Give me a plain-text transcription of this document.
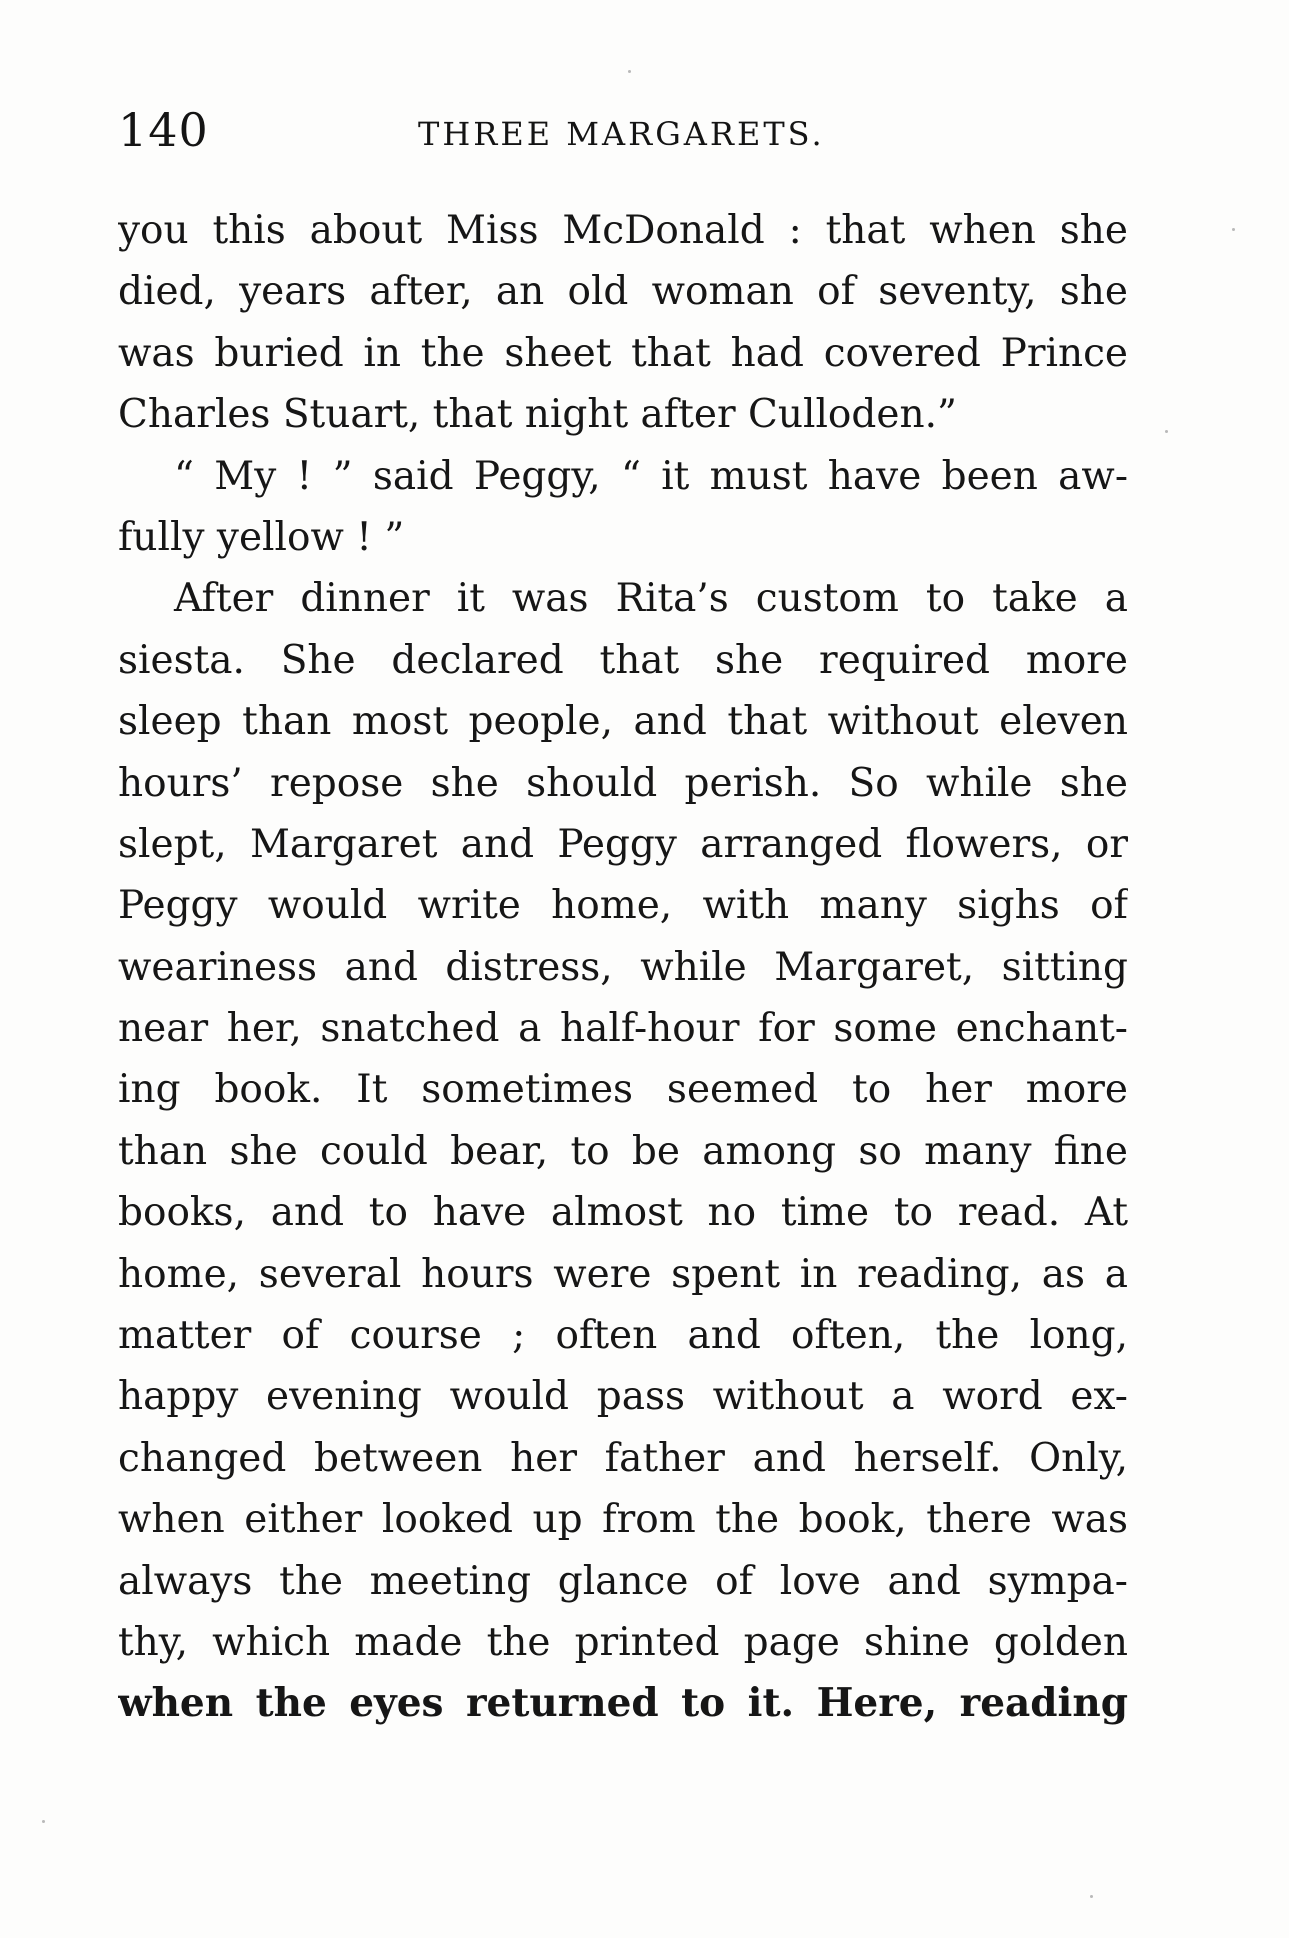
140	THREE MARGARETS.
you this about Miss McDonald : that when she
died, years after, an old woman of seventy, she
was buried in the sheet that had covered Prince
Charles Stuart, that night after Culloden.”
“ My ! ” said Peggy, “ it must have been aw-
fully yellow ! ”
After dinner it was Rita’s custom to take a
siesta. She declared that she required more
sleep than most people, and that without eleven
hours’ repose she should perish. So while she
slept, Margaret and Peggy arranged flowers, or
Peggy would write home, with many sighs of
weariness and distress, while Margaret, sitting
near her, snatched a half-hour for some enchant-
ing book. It sometimes seemed to her more
than she could bear, to be among so many fine
books, and to have almost no time to read. At
home, several hours were spent in reading, as a
matter of course ; often and often, the long,
happy evening would pass without a word ex-
changed between her father and herself. Only,
when either looked up from the book, there was
always the meeting glance of love and sympa-
thy, which made the printed page shine golden
when the eyes returned to it. Here, reading
